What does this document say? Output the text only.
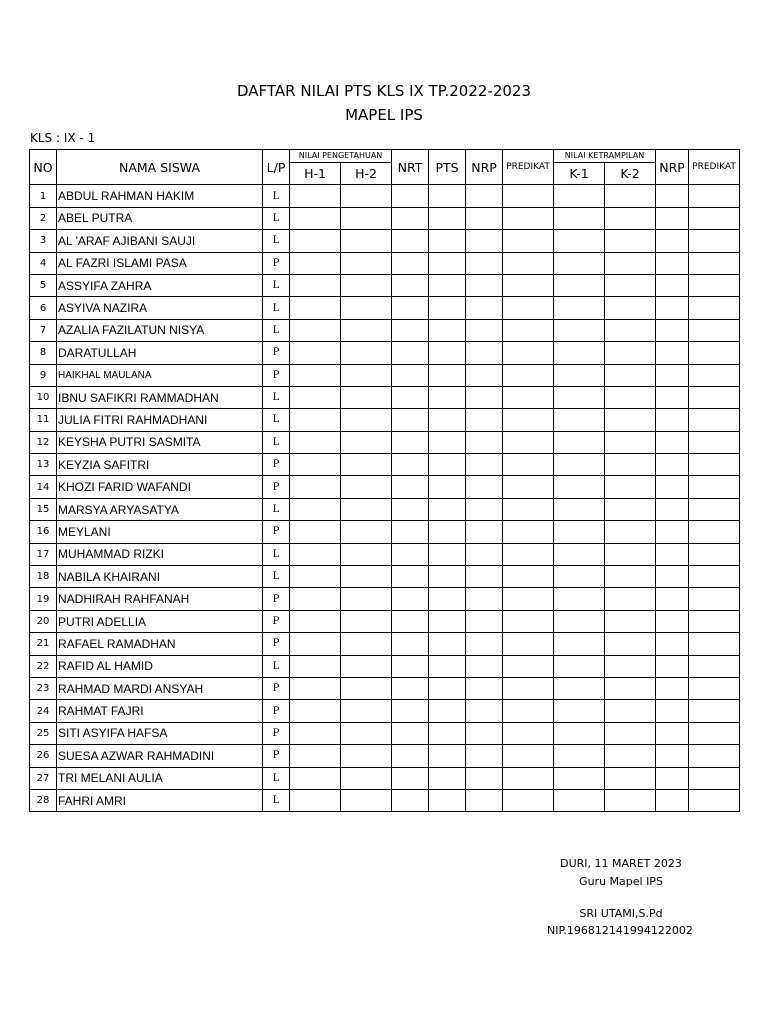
DAFTAR NILAI PTS KLS IX TP.2022-2023
MAPEL IPS
KLS : IX - 1
NO	NAMA SISWA	L/P	NILAI PENGETAHUAN		NRT	PTS	NRP	PREDIKAT	NILAI KETRAMPILAN		NRP	PREDIKAT
			H-1	H-2					K-1	K-2		
1	ABDUL RAHMAN HAKIM	L										
2	ABEL PUTRA	L										
3	AL 'ARAF AJIBANI SAUJI	L										
4	AL FAZRI ISLAMI PASA	P										
5	ASSYIFA ZAHRA	L										
6	ASYIVA NAZIRA	L										
7	AZALIA FAZILATUN NISYA	L										
8	DARATULLAH	P										
9	HAIKHAL MAULANA	P										
10	IBNU SAFIKRI RAMMADHAN	L										
11	JULIA FITRI RAHMADHANI	L										
12	KEYSHA PUTRI SASMITA	L										
13	KEYZIA SAFITRI	P										
14	KHOZI FARID WAFANDI	P										
15	MARSYA ARYASATYA	L										
16	MEYLANI	P										
17	MUHAMMAD RIZKI	L										
18	NABILA KHAIRANI	L										
19	NADHIRAH RAHFANAH	P										
20	PUTRI ADELLIA	P										
21	RAFAEL RAMADHAN	P										
22	RAFID AL HAMID	L										
23	RAHMAD MARDI ANSYAH	P										
24	RAHMAT FAJRI	P										
25	SITI ASYIFA HAFSA	P										
26	SUESA AZWAR RAHMADINI	P										
27	TRI MELANI AULIA	L										
28	FAHRI AMRI	L										
DURI, 11 MARET 2023
Guru Mapel IPS
SRI UTAMI,S.Pd
NIP.196812141994122002
